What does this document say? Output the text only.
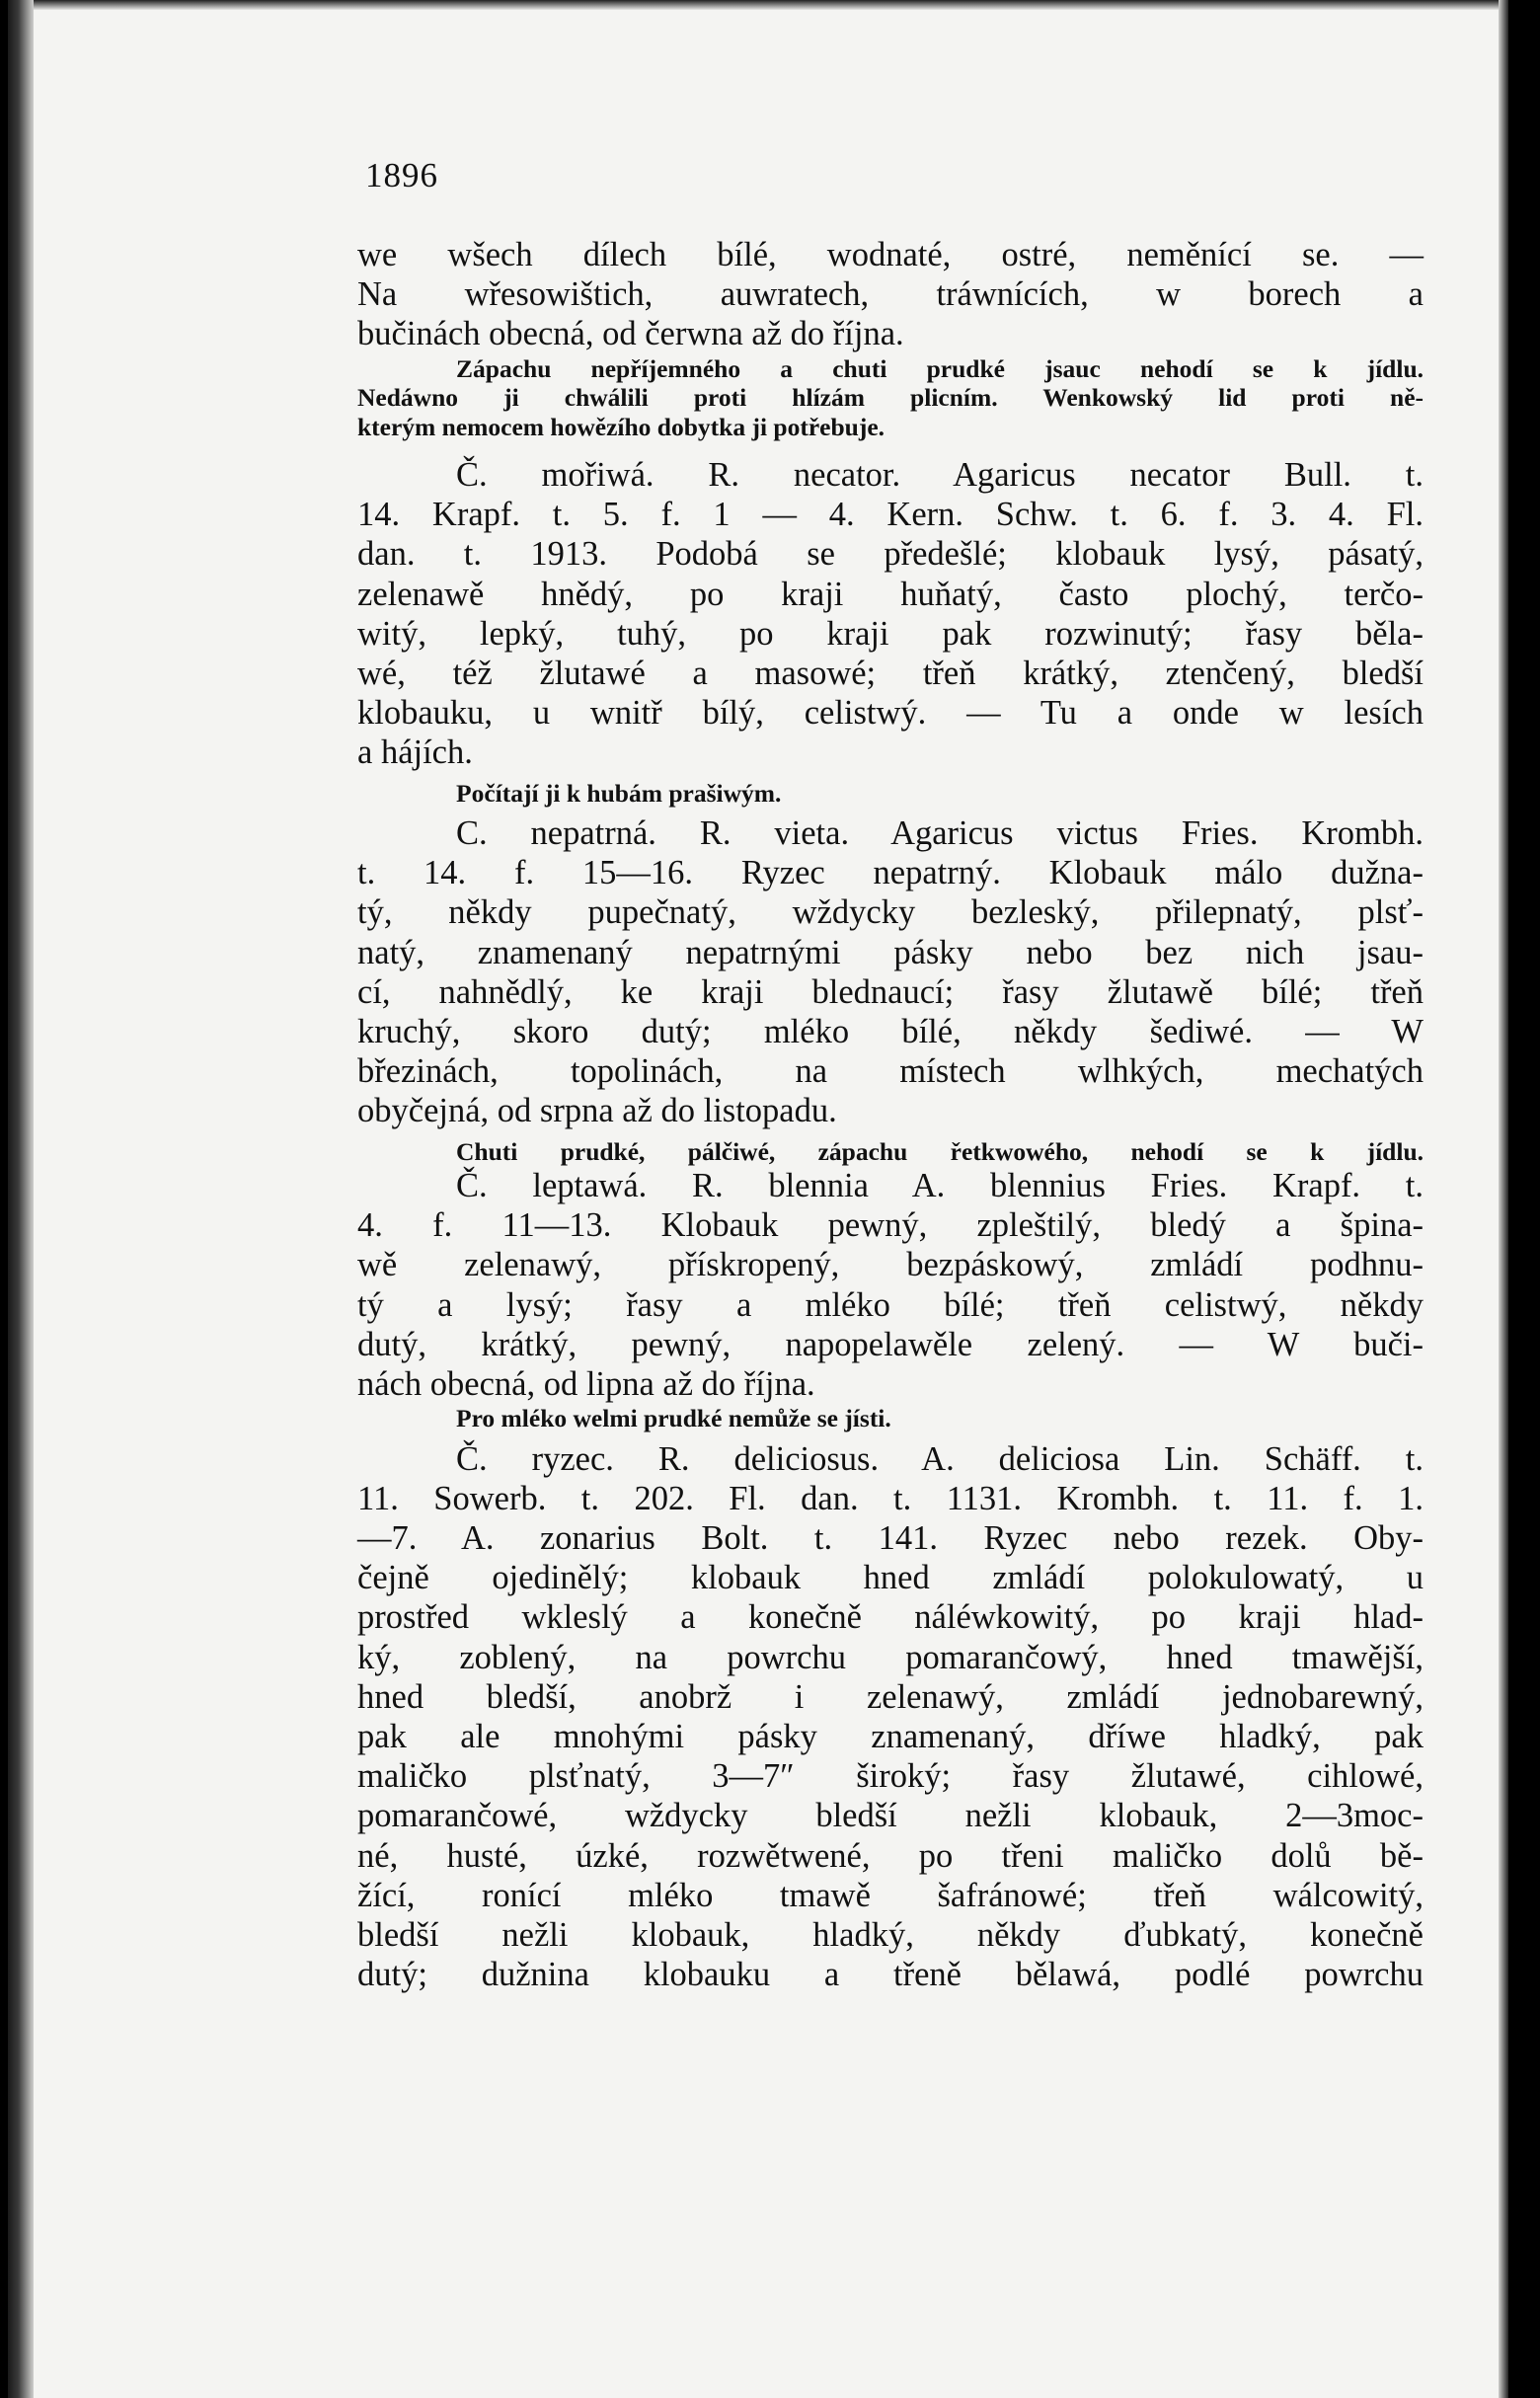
1896
we wšech dílech bílé, wodnaté, ostré, neměnící se. —
Na wřesowištich, auwratech, tráwnících, w borech a
bučinách obecná, od čerwna až do října.
Zápachu nepříjemného a chuti prudké jsauc nehodí se k jídlu.
Nedáwno ji chwálili proti hlízám plicním. Wenkowský lid proti ně-
kterým nemocem howězího dobytka ji potřebuje.
Č. mořiwá. R. necator. Agaricus necator Bull. t.
14. Krapf. t. 5. f. 1 — 4. Kern. Schw. t. 6. f. 3. 4. Fl.
dan. t. 1913. Podobá se předešlé; klobauk lysý, pásatý,
zelenawě hnědý, po kraji huňatý, často plochý, terčo-
witý, lepký, tuhý, po kraji pak rozwinutý; řasy běla-
wé, též žlutawé a masowé; třeň krátký, ztenčený, bledší
klobauku, u wnitř bílý, celistwý. — Tu a onde w lesích
a hájích.
Počítají ji k hubám prašiwým.
C. nepatrná. R. vieta. Agaricus victus Fries. Krombh.
t. 14. f. 15—16. Ryzec nepatrný. Klobauk málo dužna-
tý, někdy pupečnatý, wždycky bezleský, přilepnatý, plsť-
natý, znamenaný nepatrnými pásky nebo bez nich jsau-
cí, nahnědlý, ke kraji blednaucí; řasy žlutawě bílé; třeň
kruchý, skoro dutý; mléko bílé, někdy šediwé. — W
březinách, topolinách, na místech wlhkých, mechatých
obyčejná, od srpna až do listopadu.
Chuti prudké, pálčiwé, zápachu řetkwowého, nehodí se k jídlu.
Č. leptawá. R. blennia A. blennius Fries. Krapf. t.
4. f. 11—13. Klobauk pewný, zpleštilý, bledý a špina-
wě zelenawý, přískropený, bezpáskowý, zmládí podhnu-
tý a lysý; řasy a mléko bílé; třeň celistwý, někdy
dutý, krátký, pewný, napopelawěle zelený. — W buči-
nách obecná, od lipna až do října.
Pro mléko welmi prudké nemůže se jísti.
Č. ryzec. R. deliciosus. A. deliciosa Lin. Schäff. t.
11. Sowerb. t. 202. Fl. dan. t. 1131. Krombh. t. 11. f. 1.
—7. A. zonarius Bolt. t. 141. Ryzec nebo rezek. Oby-
čejně ojedinělý; klobauk hned zmládí polokulowatý, u
prostřed wkleslý a konečně náléwkowitý, po kraji hlad-
ký, zoblený, na powrchu pomarančowý, hned tmawější,
hned bledší, anobrž i zelenawý, zmládí jednobarewný,
pak ale mnohými pásky znamenaný, dříwe hladký, pak
maličko plsťnatý, 3—7″ široký; řasy žlutawé, cihlowé,
pomarančowé, wždycky bledší nežli klobauk, 2—3moc-
né, husté, úzké, rozwětwené, po třeni maličko dolů bě-
žící, ronící mléko tmawě šafránowé; třeň wálcowitý,
bledší nežli klobauk, hladký, někdy ďubkatý, konečně
dutý; dužnina klobauku a třeně bělawá, podlé powrchu
